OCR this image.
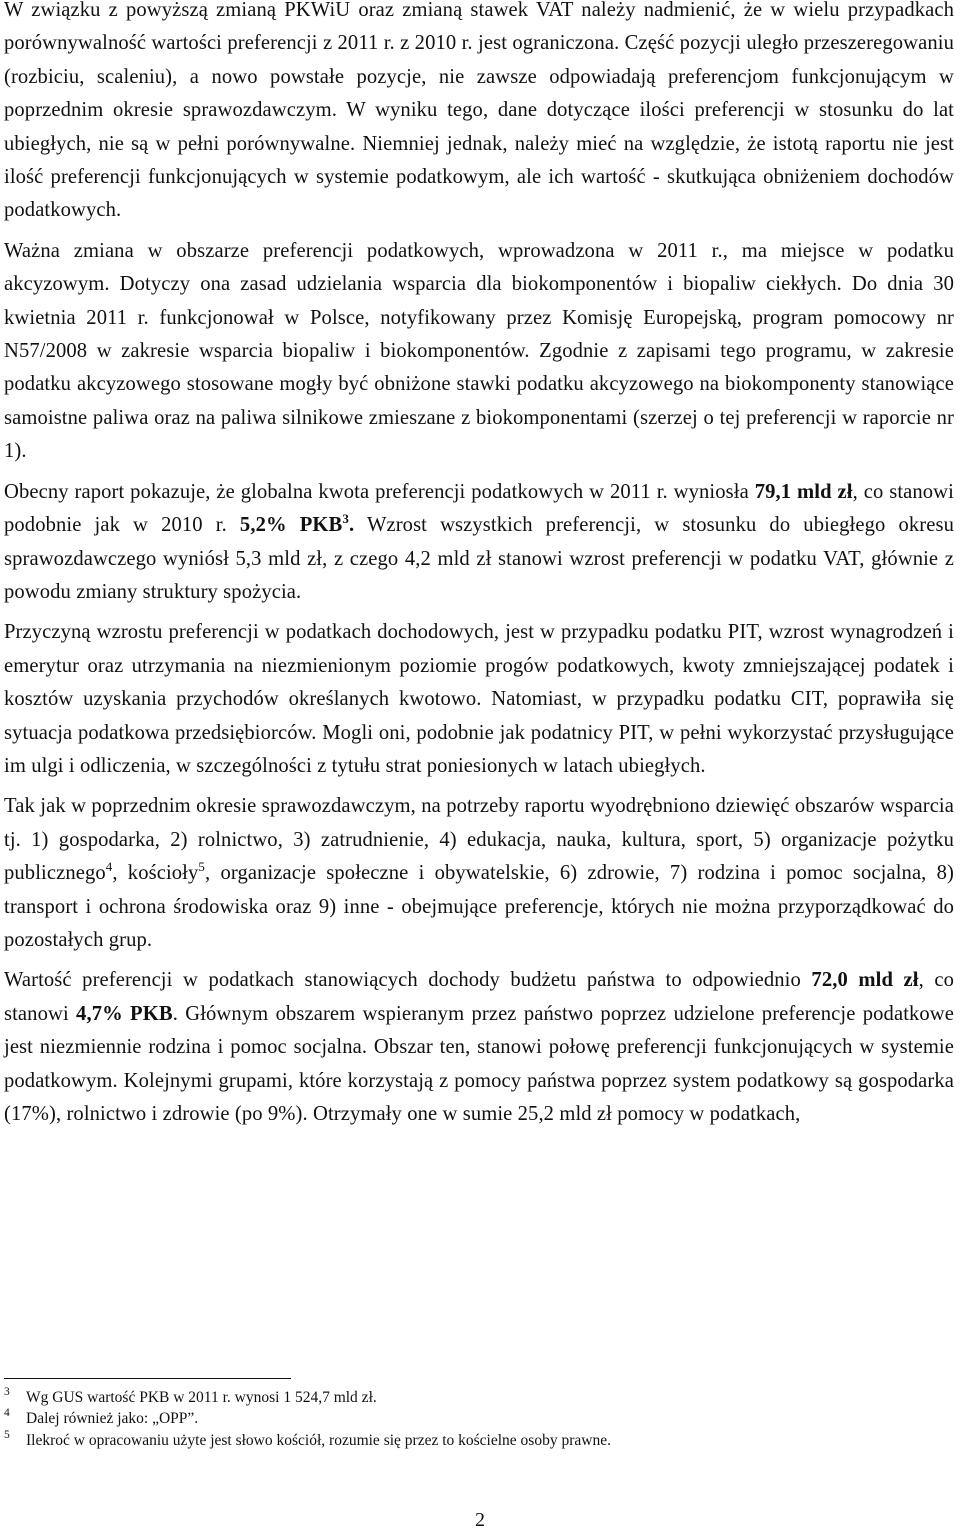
W związku z powyższą zmianą PKWiU oraz zmianą stawek VAT należy nadmienić, że w wielu przypadkach porównywalność wartości preferencji z 2011 r. z 2010 r. jest ograniczona. Część pozycji uległo przeszeregowaniu (rozbiciu, scaleniu), a nowo powstałe pozycje, nie zawsze odpowiadają preferencjom funkcjonującym w poprzednim okresie sprawozdawczym. W wyniku tego, dane dotyczące ilości preferencji w stosunku do lat ubiegłych, nie są w pełni porównywalne. Niemniej jednak, należy mieć na względzie, że istotą raportu nie jest ilość preferencji funkcjonujących w systemie podatkowym, ale ich wartość - skutkująca obniżeniem dochodów podatkowych.

Ważna zmiana w obszarze preferencji podatkowych, wprowadzona w 2011 r., ma miejsce w podatku akcyzowym. Dotyczy ona zasad udzielania wsparcia dla biokomponentów i biopaliw ciekłych. Do dnia 30 kwietnia 2011 r. funkcjonował w Polsce, notyfikowany przez Komisję Europejską, program pomocowy nr N57/2008 w zakresie wsparcia biopaliw i biokomponentów. Zgodnie z zapisami tego programu, w zakresie podatku akcyzowego stosowane mogły być obniżone stawki podatku akcyzowego na biokomponenty stanowiące samoistne paliwa oraz na paliwa silnikowe zmieszane z biokomponentami (szerzej o tej preferencji w raporcie nr 1).

Obecny raport pokazuje, że globalna kwota preferencji podatkowych w 2011 r. wyniosła 79,1 mld zł, co stanowi podobnie jak w 2010 r. 5,2% PKB$^3$. Wzrost wszystkich preferencji, w stosunku do ubiegłego okresu sprawozdawczego wyniósł 5,3 mld zł, z czego 4,2 mld zł stanowi wzrost preferencji w podatku VAT, głównie z powodu zmiany struktury spożycia.

Przyczyną wzrostu preferencji w podatkach dochodowych, jest w przypadku podatku PIT, wzrost wynagrodzeń i emerytur oraz utrzymania na niezmienionym poziomie progów podatkowych, kwoty zmniejszającej podatek i kosztów uzyskania przychodów określanych kwotowo. Natomiast, w przypadku podatku CIT, poprawiła się sytuacja podatkowa przedsiębiorców. Mogli oni, podobnie jak podatnicy PIT, w pełni wykorzystać przysługujące im ulgi i odliczenia, w szczególności z tytułu strat poniesionych w latach ubiegłych.

Tak jak w poprzednim okresie sprawozdawczym, na potrzeby raportu wyodrębniono dziewięć obszarów wsparcia tj. 1) gospodarka, 2) rolnictwo, 3) zatrudnienie, 4) edukacja, nauka, kultura, sport, 5) organizacje pożytku publicznego$^4$, kościoły$^5$, organizacje społeczne i obywatelskie, 6) zdrowie, 7) rodzina i pomoc socjalna, 8) transport i ochrona środowiska oraz 9) inne - obejmujące preferencje, których nie można przyporządkować do pozostałych grup.

Wartość preferencji w podatkach stanowiących dochody budżetu państwa to odpowiednio 72,0 mld zł, co stanowi 4,7% PKB. Głównym obszarem wspieranym przez państwo poprzez udzielone preferencje podatkowe jest niezmiennie rodzina i pomoc socjalna. Obszar ten, stanowi połowę preferencji funkcjonujących w systemie podatkowym. Kolejnymi grupami, które korzystają z pomocy państwa poprzez system podatkowy są gospodarka (17%), rolnictwo i zdrowie (po 9%). Otrzymały one w sumie 25,2 mld zł pomocy w podatkach,

3 Wg GUS wartość PKB w 2011 r. wynosi 1 524,7 mld zł.
4 Dalej również jako: „OPP”.
5 Ilekroć w opracowaniu użyte jest słowo kościół, rozumie się przez to kościelne osoby prawne.
2
